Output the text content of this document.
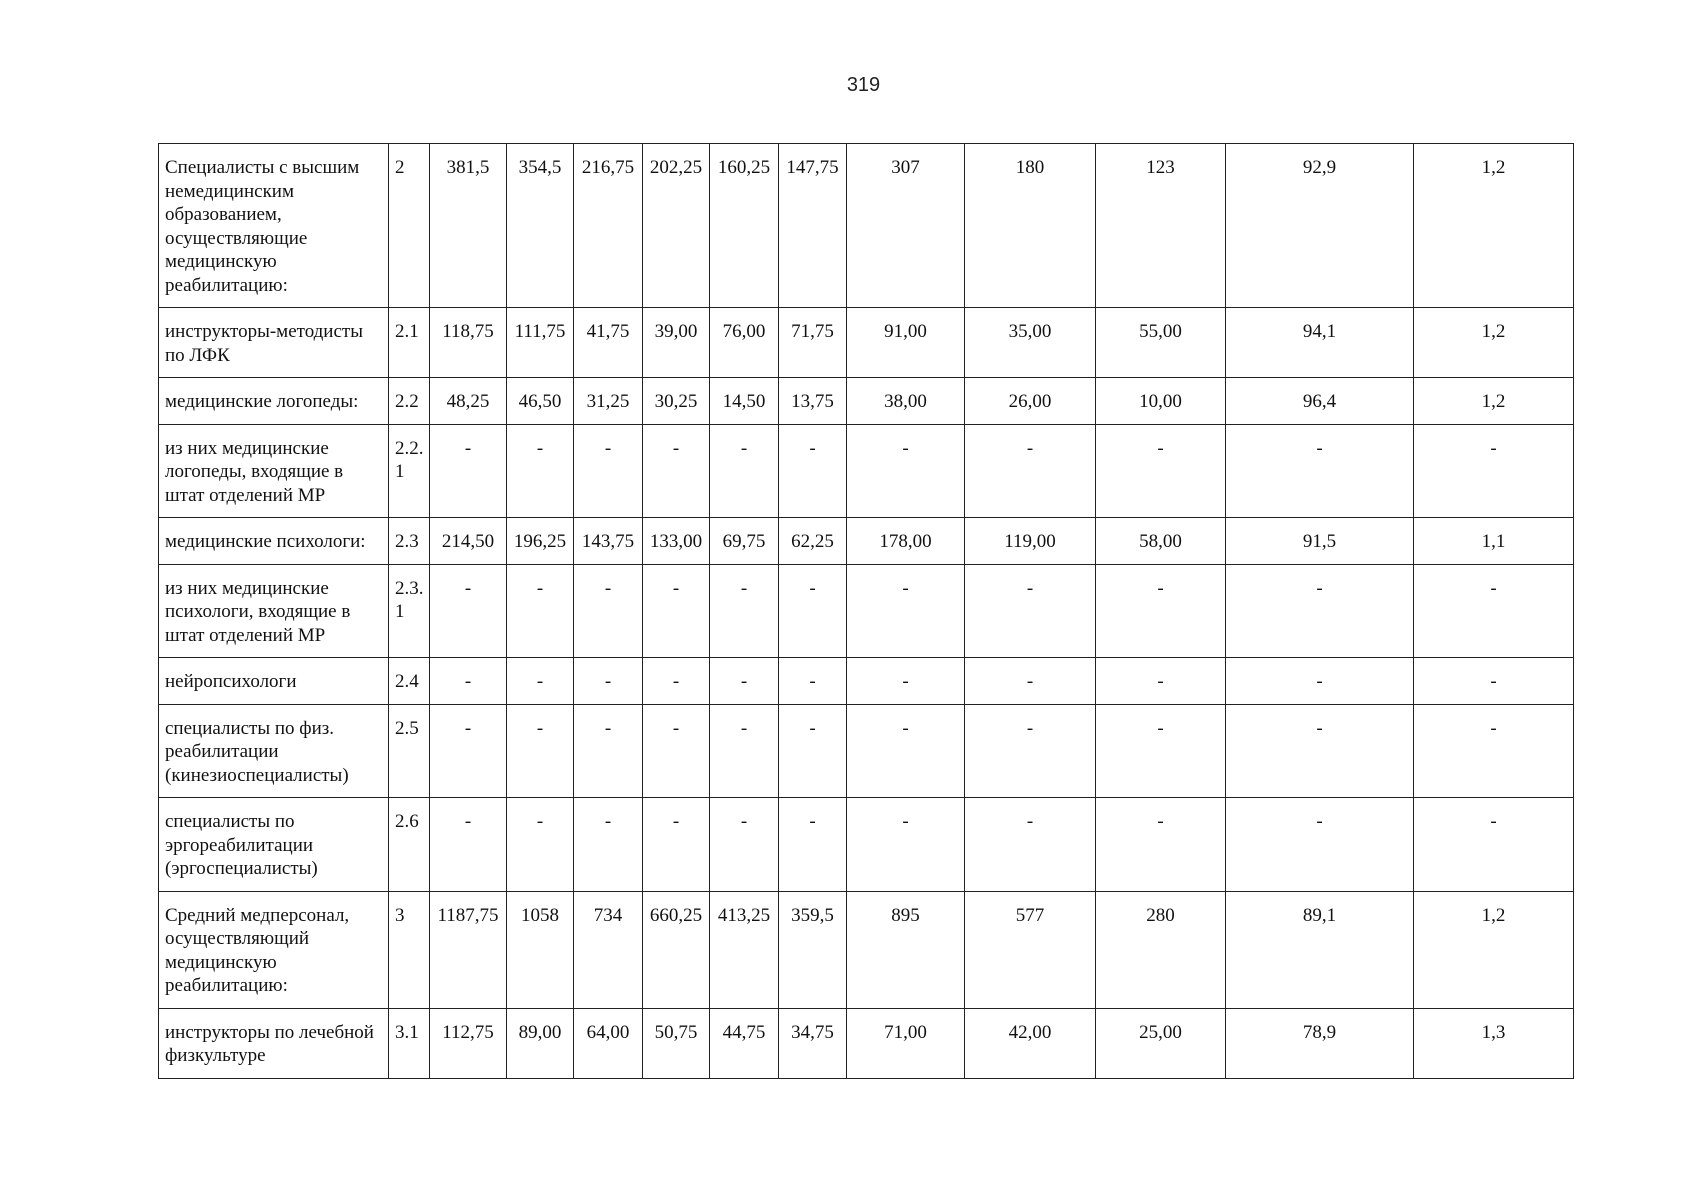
319
Специалисты с высшим немедицинским образованием, осуществляющие медицинскую реабилитацию:	2	381,5	354,5	216,75	202,25	160,25	147,75	307	180	123	92,9	1,2
инструкторы-методисты по ЛФК	2.1	118,75	111,75	41,75	39,00	76,00	71,75	91,00	35,00	55,00	94,1	1,2
медицинские логопеды:	2.2	48,25	46,50	31,25	30,25	14,50	13,75	38,00	26,00	10,00	96,4	1,2
из них медицинские логопеды, входящие в штат отделений МР	2.2.1	-	-	-	-	-	-	-	-	-	-	-
медицинские психологи:	2.3	214,50	196,25	143,75	133,00	69,75	62,25	178,00	119,00	58,00	91,5	1,1
из них медицинские психологи, входящие в штат отделений МР	2.3.1	-	-	-	-	-	-	-	-	-	-	-
нейропсихологи	2.4	-	-	-	-	-	-	-	-	-	-	-
специалисты по физ. реабилитации (кинезиоспециалисты)	2.5	-	-	-	-	-	-	-	-	-	-	-
специалисты по эргореабилитации (эргоспециалисты)	2.6	-	-	-	-	-	-	-	-	-	-	-
Средний медперсонал, осуществляющий медицинскую реабилитацию:	3	1187,75	1058	734	660,25	413,25	359,5	895	577	280	89,1	1,2
инструкторы по лечебной физкультуре	3.1	112,75	89,00	64,00	50,75	44,75	34,75	71,00	42,00	25,00	78,9	1,3
